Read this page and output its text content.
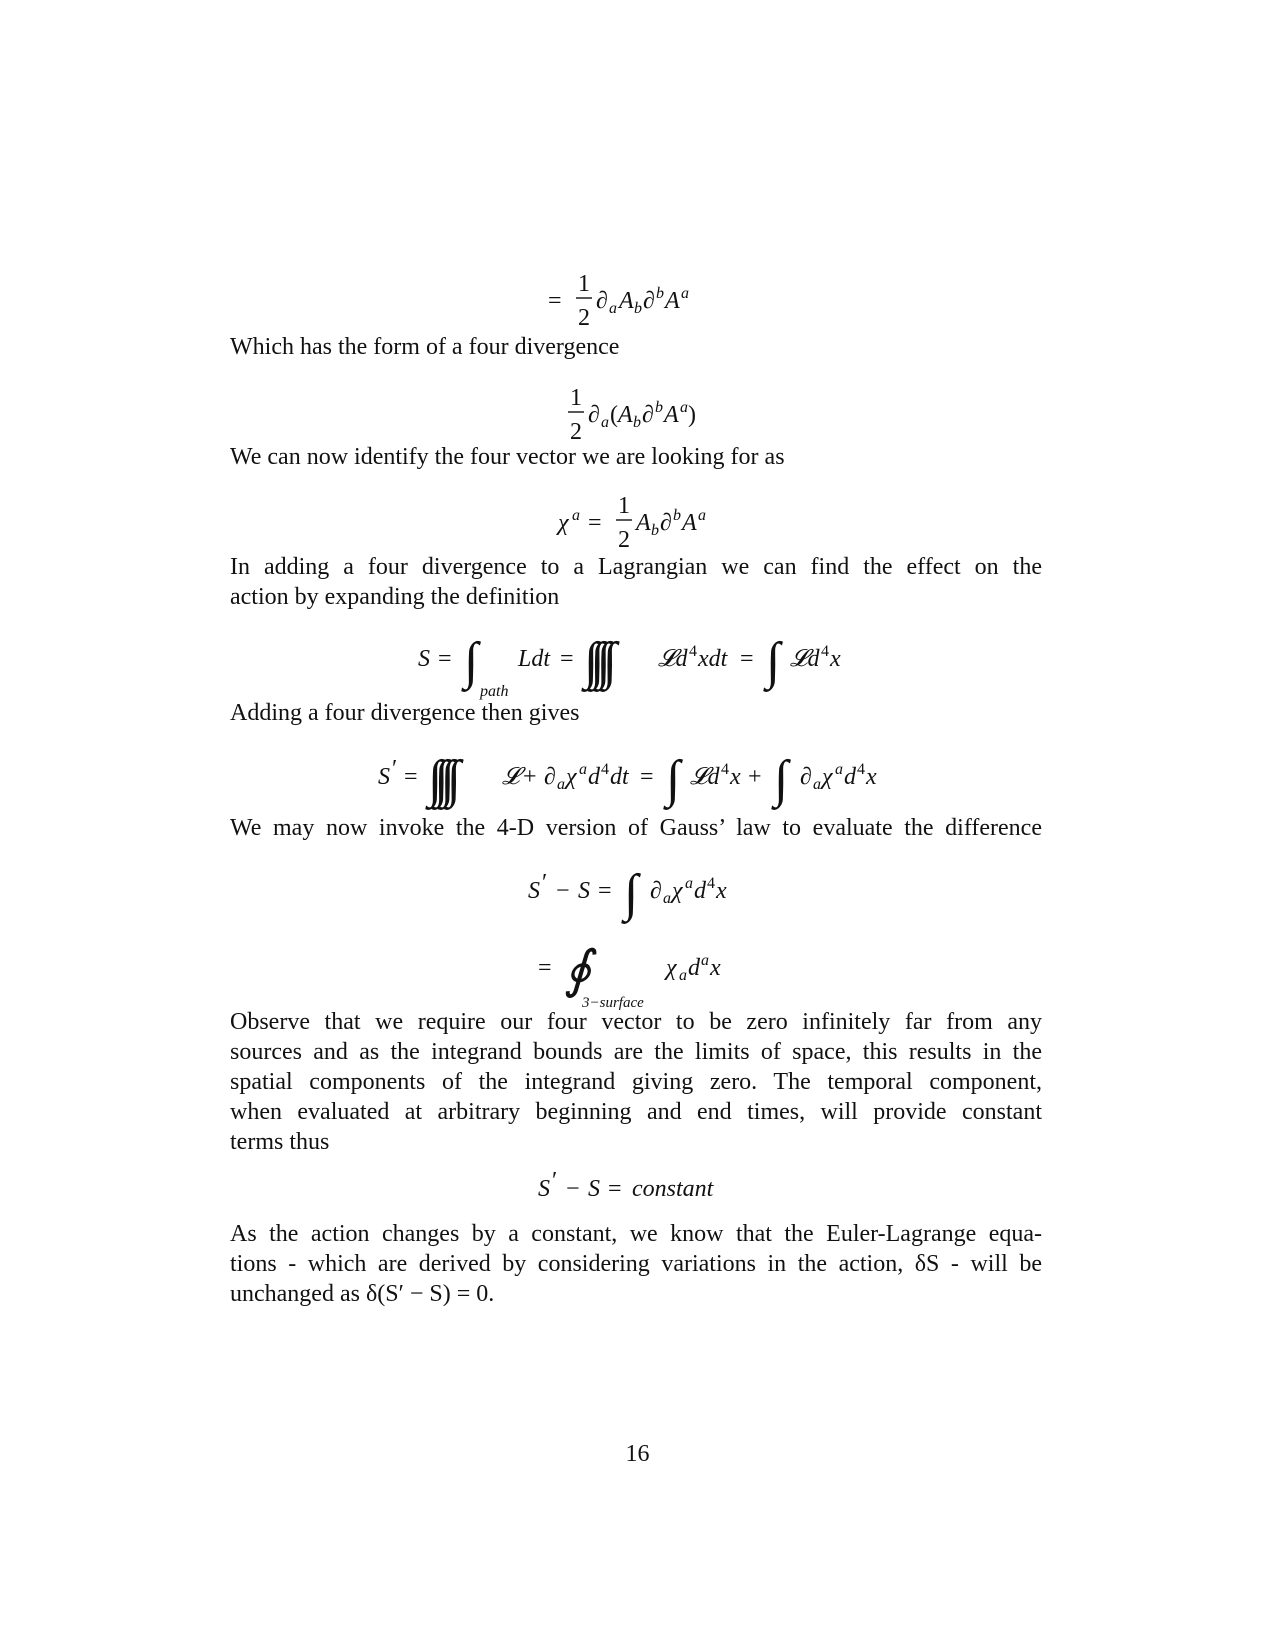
=
1
2
∂ a A b ∂ b A a
Which has the form of a four divergence
1
2
∂ a ( A b ∂ b A a )
We can now identify the four vector we are looking for as
χ a =
1
2
A b ∂ b A a
In adding a four divergence to a Lagrangian we can find the effect on the
action by expanding the definition
S = ∫
path
Ldt = ∫∫∫∫	𝓛d 4 xdt = ∫ 𝓛d 4 x
Adding a four divergence then gives
S ′ = ∫∫∫∫	𝓛 + ∂ a χ a d 4 dt = ∫ 𝓛d 4 x + ∫ ∂ a χ a d 4 x
We may now invoke the 4-D version of Gauss’ law to evaluate the difference
S ′ − S = ∫ ∂ a χ a d 4 x
= ∮
3−surface
χ a d a x
Observe that we require our four vector to be zero infinitely far from any
sources and as the integrand bounds are the limits of space, this results in the
spatial components of the integrand giving zero. The temporal component,
when evaluated at arbitrary beginning and end times, will provide constant
terms thus
S ′ − S = constant
As the action changes by a constant, we know that the Euler-Lagrange equa-
tions - which are derived by considering variations in the action, δS - will be
unchanged as δ(S′ − S) = 0.
16
